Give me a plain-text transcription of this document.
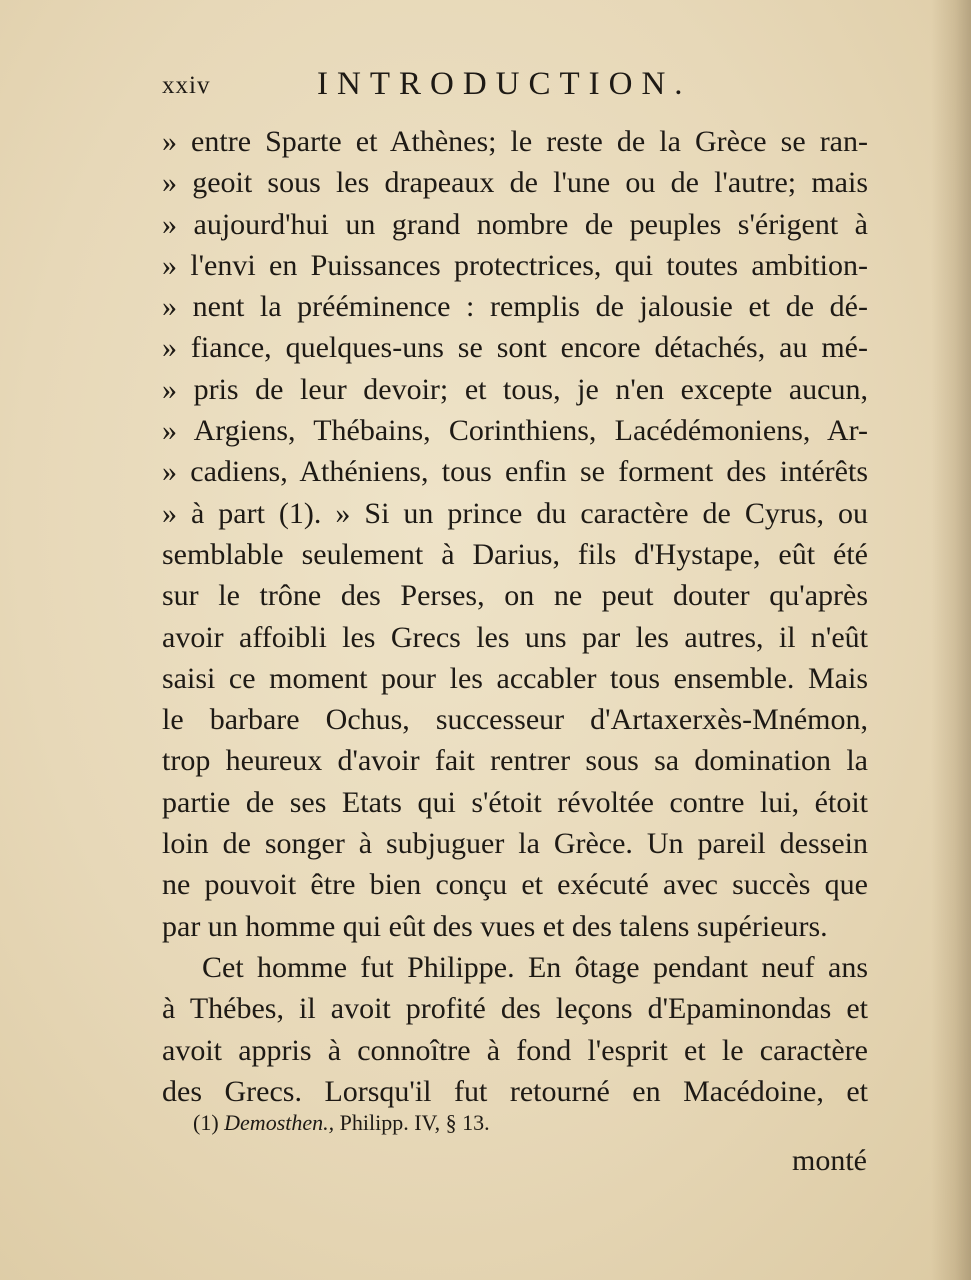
xxiv	INTRODUCTION.
» entre Sparte et Athènes; le reste de la Grèce se ran-
» geoit sous les drapeaux de l'une ou de l'autre; mais
» aujourd'hui un grand nombre de peuples s'érigent à
» l'envi en Puissances protectrices, qui toutes ambition-
» nent la prééminence : remplis de jalousie et de dé-
» fiance, quelques-uns se sont encore détachés, au mé-
» pris de leur devoir; et tous, je n'en excepte aucun,
» Argiens, Thébains, Corinthiens, Lacédémoniens, Ar-
» cadiens, Athéniens, tous enfin se forment des intérêts
» à part (1). » Si un prince du caractère de Cyrus, ou
semblable seulement à Darius, fils d'Hystape, eût été
sur le trône des Perses, on ne peut douter qu'après
avoir affoibli les Grecs les uns par les autres, il n'eût
saisi ce moment pour les accabler tous ensemble. Mais
le barbare Ochus, successeur d'Artaxerxès-Mnémon,
trop heureux d'avoir fait rentrer sous sa domination la
partie de ses Etats qui s'étoit révoltée contre lui, étoit
loin de songer à subjuguer la Grèce. Un pareil dessein
ne pouvoit être bien conçu et exécuté avec succès que
par un homme qui eût des vues et des talens supérieurs.
Cet homme fut Philippe. En ôtage pendant neuf ans
à Thébes, il avoit profité des leçons d'Epaminondas et
avoit appris à connoître à fond l'esprit et le caractère
des Grecs. Lorsqu'il fut retourné en Macédoine, et
(1) Demosthen., Philipp. IV, § 13.
monté
